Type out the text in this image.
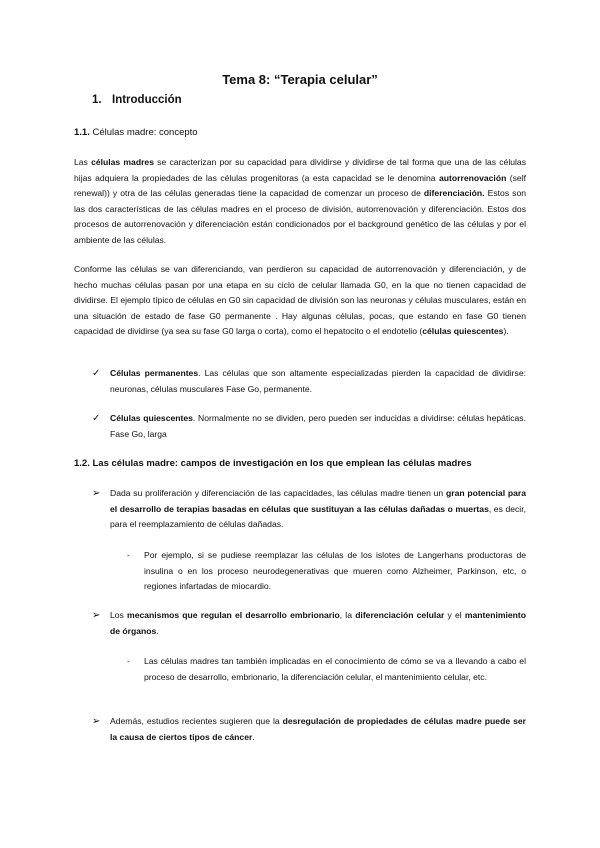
Tema 8: “Terapia celular”
1. Introducción
1.1. Células madre: concepto
Las células madres se caracterizan por su capacidad para dividirse y dividirse de tal forma que una de las células hijas adquiera la propiedades de las células progenitoras (a esta capacidad se le denomina autorrenovación (self renewal)) y otra de las células generadas tiene la capacidad de comenzar un proceso de diferenciación. Estos son las dos características de las células madres en el proceso de división, autorrenovación y diferenciación. Estos dos procesos de autorrenovación y diferenciación están condicionados por el background genético de las células y por el ambiente de las células.
Conforme las células se van diferenciando, van perdieron su capacidad de autorrenovación y diferenciación, y de hecho muchas células pasan por una etapa en su ciclo de celular llamada G0, en la que no tienen capacidad de dividirse. El ejemplo típico de células en G0 sin capacidad de división son las neuronas y células musculares, están en una situación de estado de fase G0 permanente . Hay algunas células, pocas, que estando en fase G0 tienen capacidad de dividirse (ya sea su fase G0 larga o corta), como el hepatocito o el endotelio (células quiescentes).
✓ Células permanentes. Las células que son altamente especializadas pierden la capacidad de dividirse: neuronas, células musculares Fase Go, permanente.
✓ Células quiescentes. Normalmente no se dividen, pero pueden ser inducidas a dividirse: células hepáticas. Fase Go, larga
1.2. Las células madre: campos de investigación en los que emplean las células madres
➢ Dada su proliferación y diferenciación de las capacidades, las células madre tienen un gran potencial para el desarrollo de terapias basadas en células que sustituyan a las células dañadas o muertas, es decir, para el reemplazamiento de células dañadas.
- Por ejemplo, si se pudiese reemplazar las células de los islotes de Langerhans productoras de insulina o en los proceso neurodegenerativas que mueren como Alzheimer, Parkinson, etc, o regiones infartadas de miocardio.
➢ Los mecanismos que regulan el desarrollo embrionario, la diferenciación celular y el mantenimiento de órganos.
- Las células madres tan también implicadas en el conocimiento de cómo se va a llevando a cabo el proceso de desarrollo, embrionario, la diferenciación celular, el mantenimiento celular, etc.
➢ Además, estudios recientes sugieren que la desregulación de propiedades de células madre puede ser la causa de ciertos tipos de cáncer.
